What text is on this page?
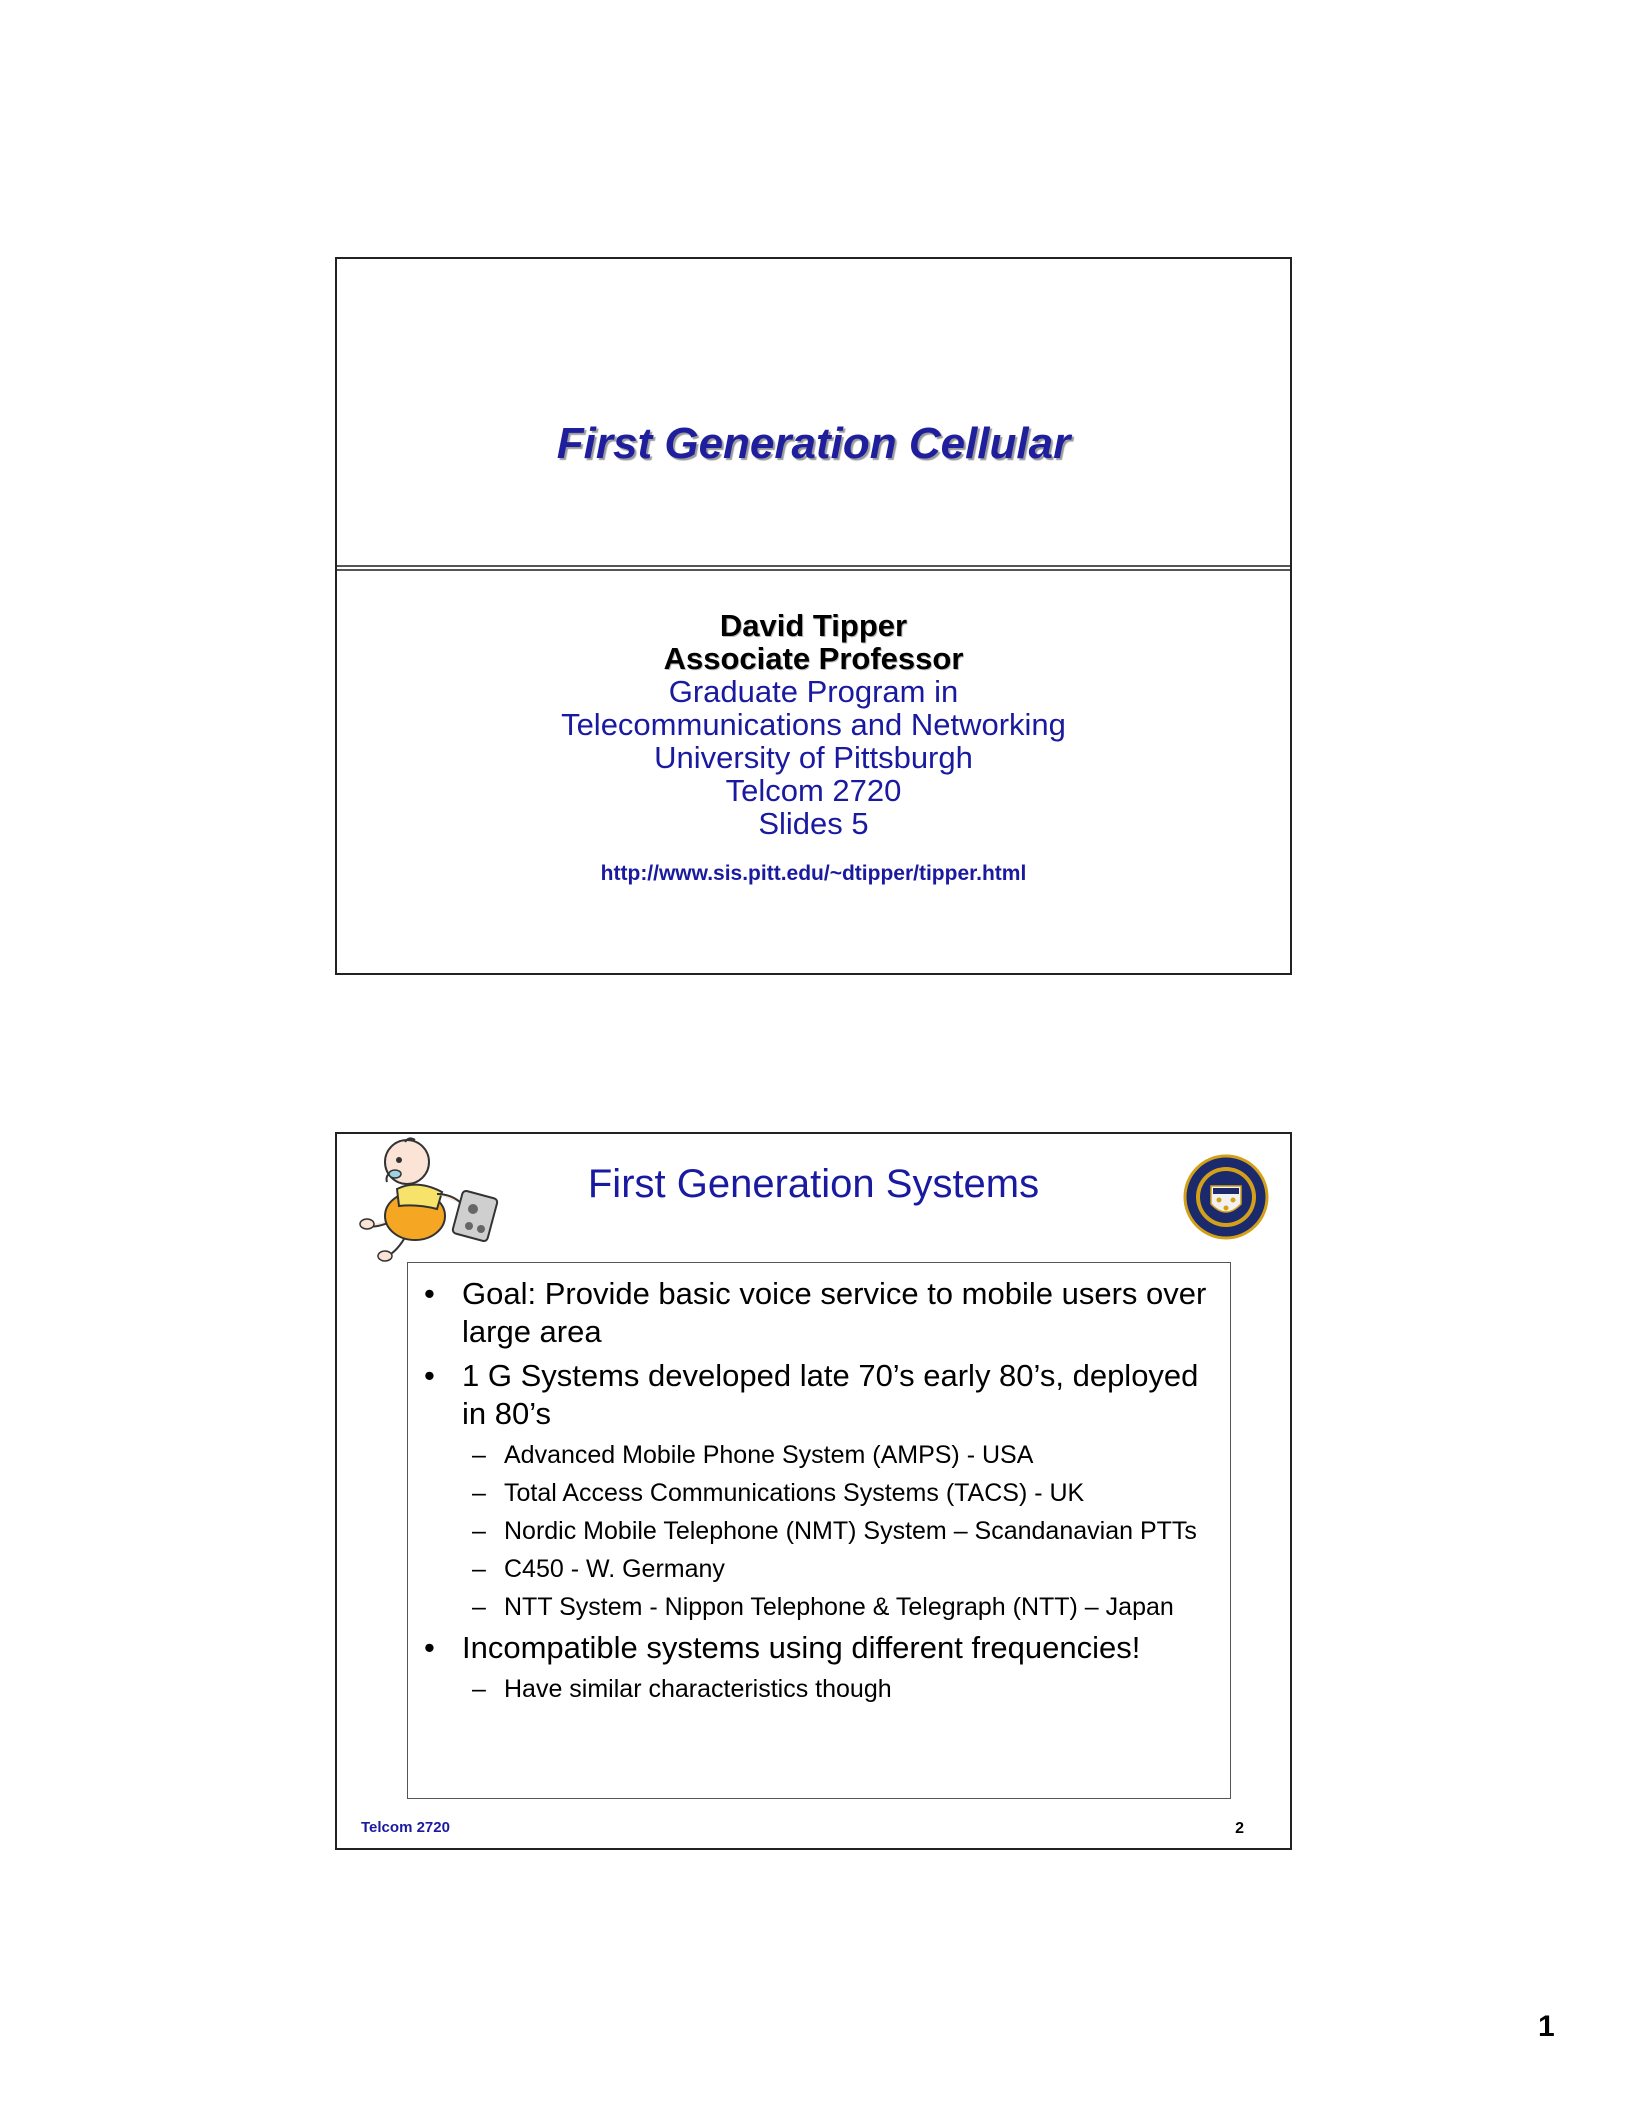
First Generation Cellular
David Tipper
Associate Professor
Graduate Program in
Telecommunications and Networking
University of Pittsburgh
Telcom 2720
Slides 5
http://www.sis.pitt.edu/~dtipper/tipper.html
First Generation Systems
• Goal: Provide basic voice service to mobile users over large area
• 1 G Systems developed late 70’s early 80’s, deployed in 80’s
– Advanced Mobile Phone System (AMPS) - USA
– Total Access Communications Systems (TACS) - UK
– Nordic Mobile Telephone (NMT) System – Scandanavian PTTs
– C450 - W. Germany
– NTT System - Nippon Telephone & Telegraph (NTT) – Japan
• Incompatible systems using different frequencies!
– Have similar characteristics though
Telcom 2720	2
1
